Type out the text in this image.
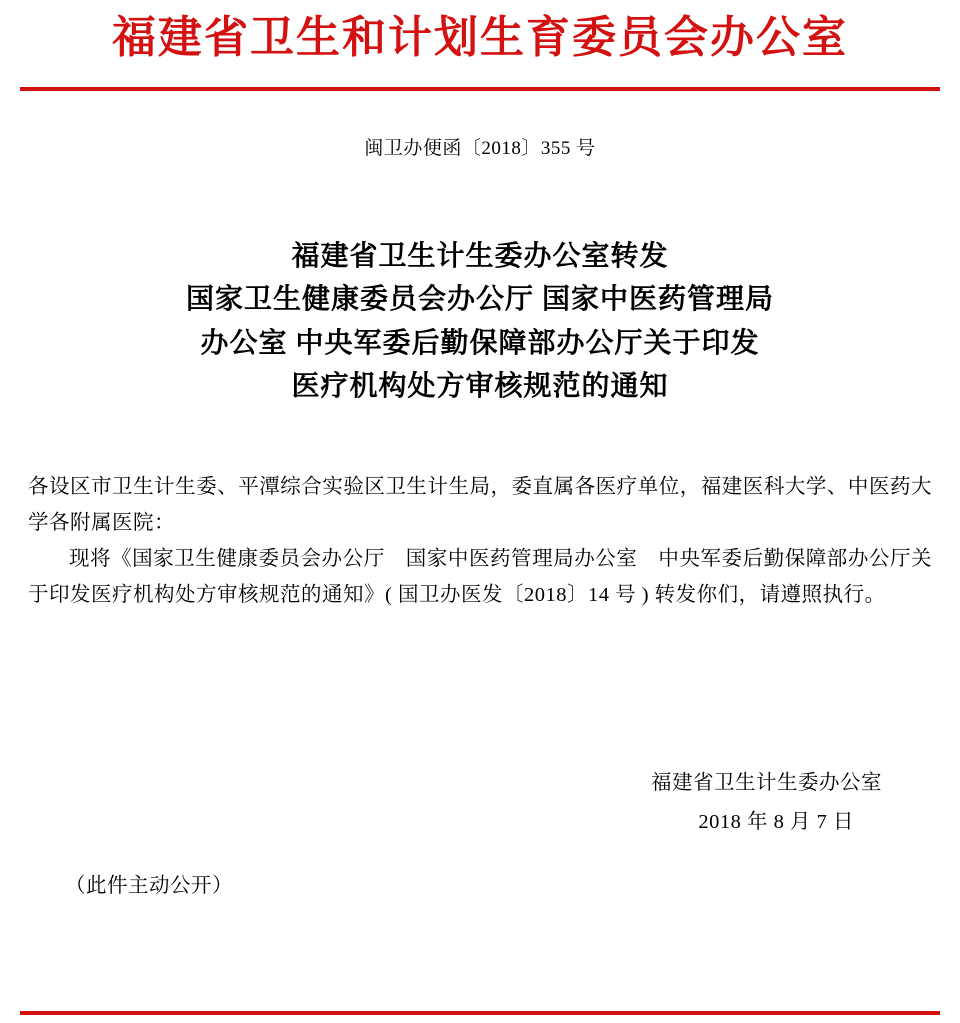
福建省卫生和计划生育委员会办公室
闽卫办便函〔2018〕355 号
福建省卫生计生委办公室转发
国家卫生健康委员会办公厅 国家中医药管理局
办公室 中央军委后勤保障部办公厅关于印发
医疗机构处方审核规范的通知

各设区市卫生计生委、平潭综合实验区卫生计生局，委直属各医疗单位，福建医科大学、中医药大学各附属医院：

现将《国家卫生健康委员会办公厅　国家中医药管理局办公室　中央军委后勤保障部办公厅关于印发医疗机构处方审核规范的通知》( 国卫办医发〔2018〕14 号 ) 转发你们，请遵照执行。

福建省卫生计生委办公室
2018 年 8 月 7 日
（此件主动公开）
